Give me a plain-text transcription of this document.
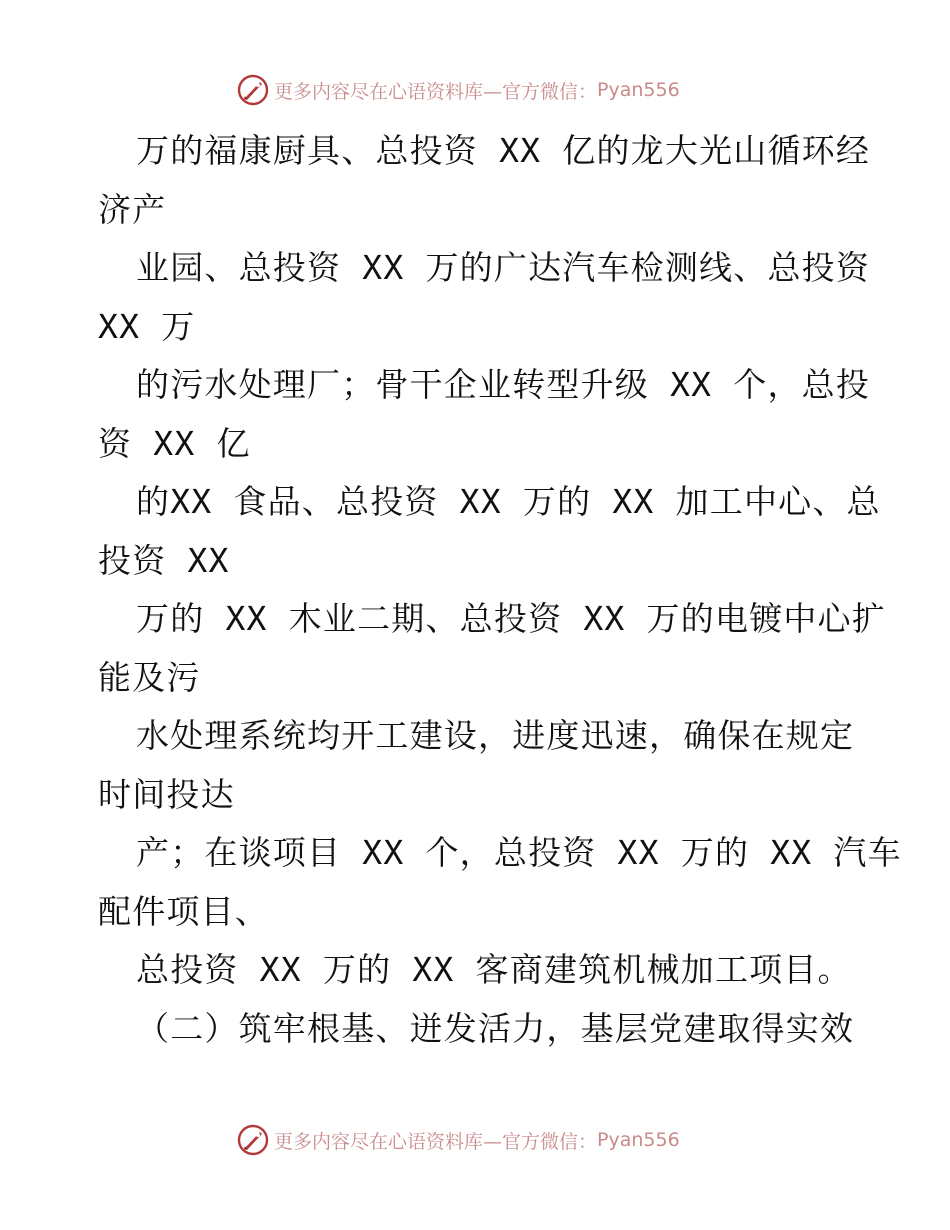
更多内容尽在心语资料库—官方微信： Pyan556
万的福康厨具、总投资 XX 亿的龙大光山循环经
济产
业园、总投资 XX 万的广达汽车检测线、总投资
XX 万
的污水处理厂；骨干企业转型升级 XX 个，总投
资 XX 亿
的XX 食品、总投资 XX 万的 XX 加工中心、总
投资 XX
万的 XX 木业二期、总投资 XX 万的电镀中心扩
能及污
水处理系统均开工建设，进度迅速，确保在规定
时间投达
产；在谈项目 XX 个，总投资 XX 万的 XX 汽车
配件项目、
总投资 XX 万的 XX 客商建筑机械加工项目。
（二）筑牢根基、迸发活力，基层党建取得实效
更多内容尽在心语资料库—官方微信： Pyan556
